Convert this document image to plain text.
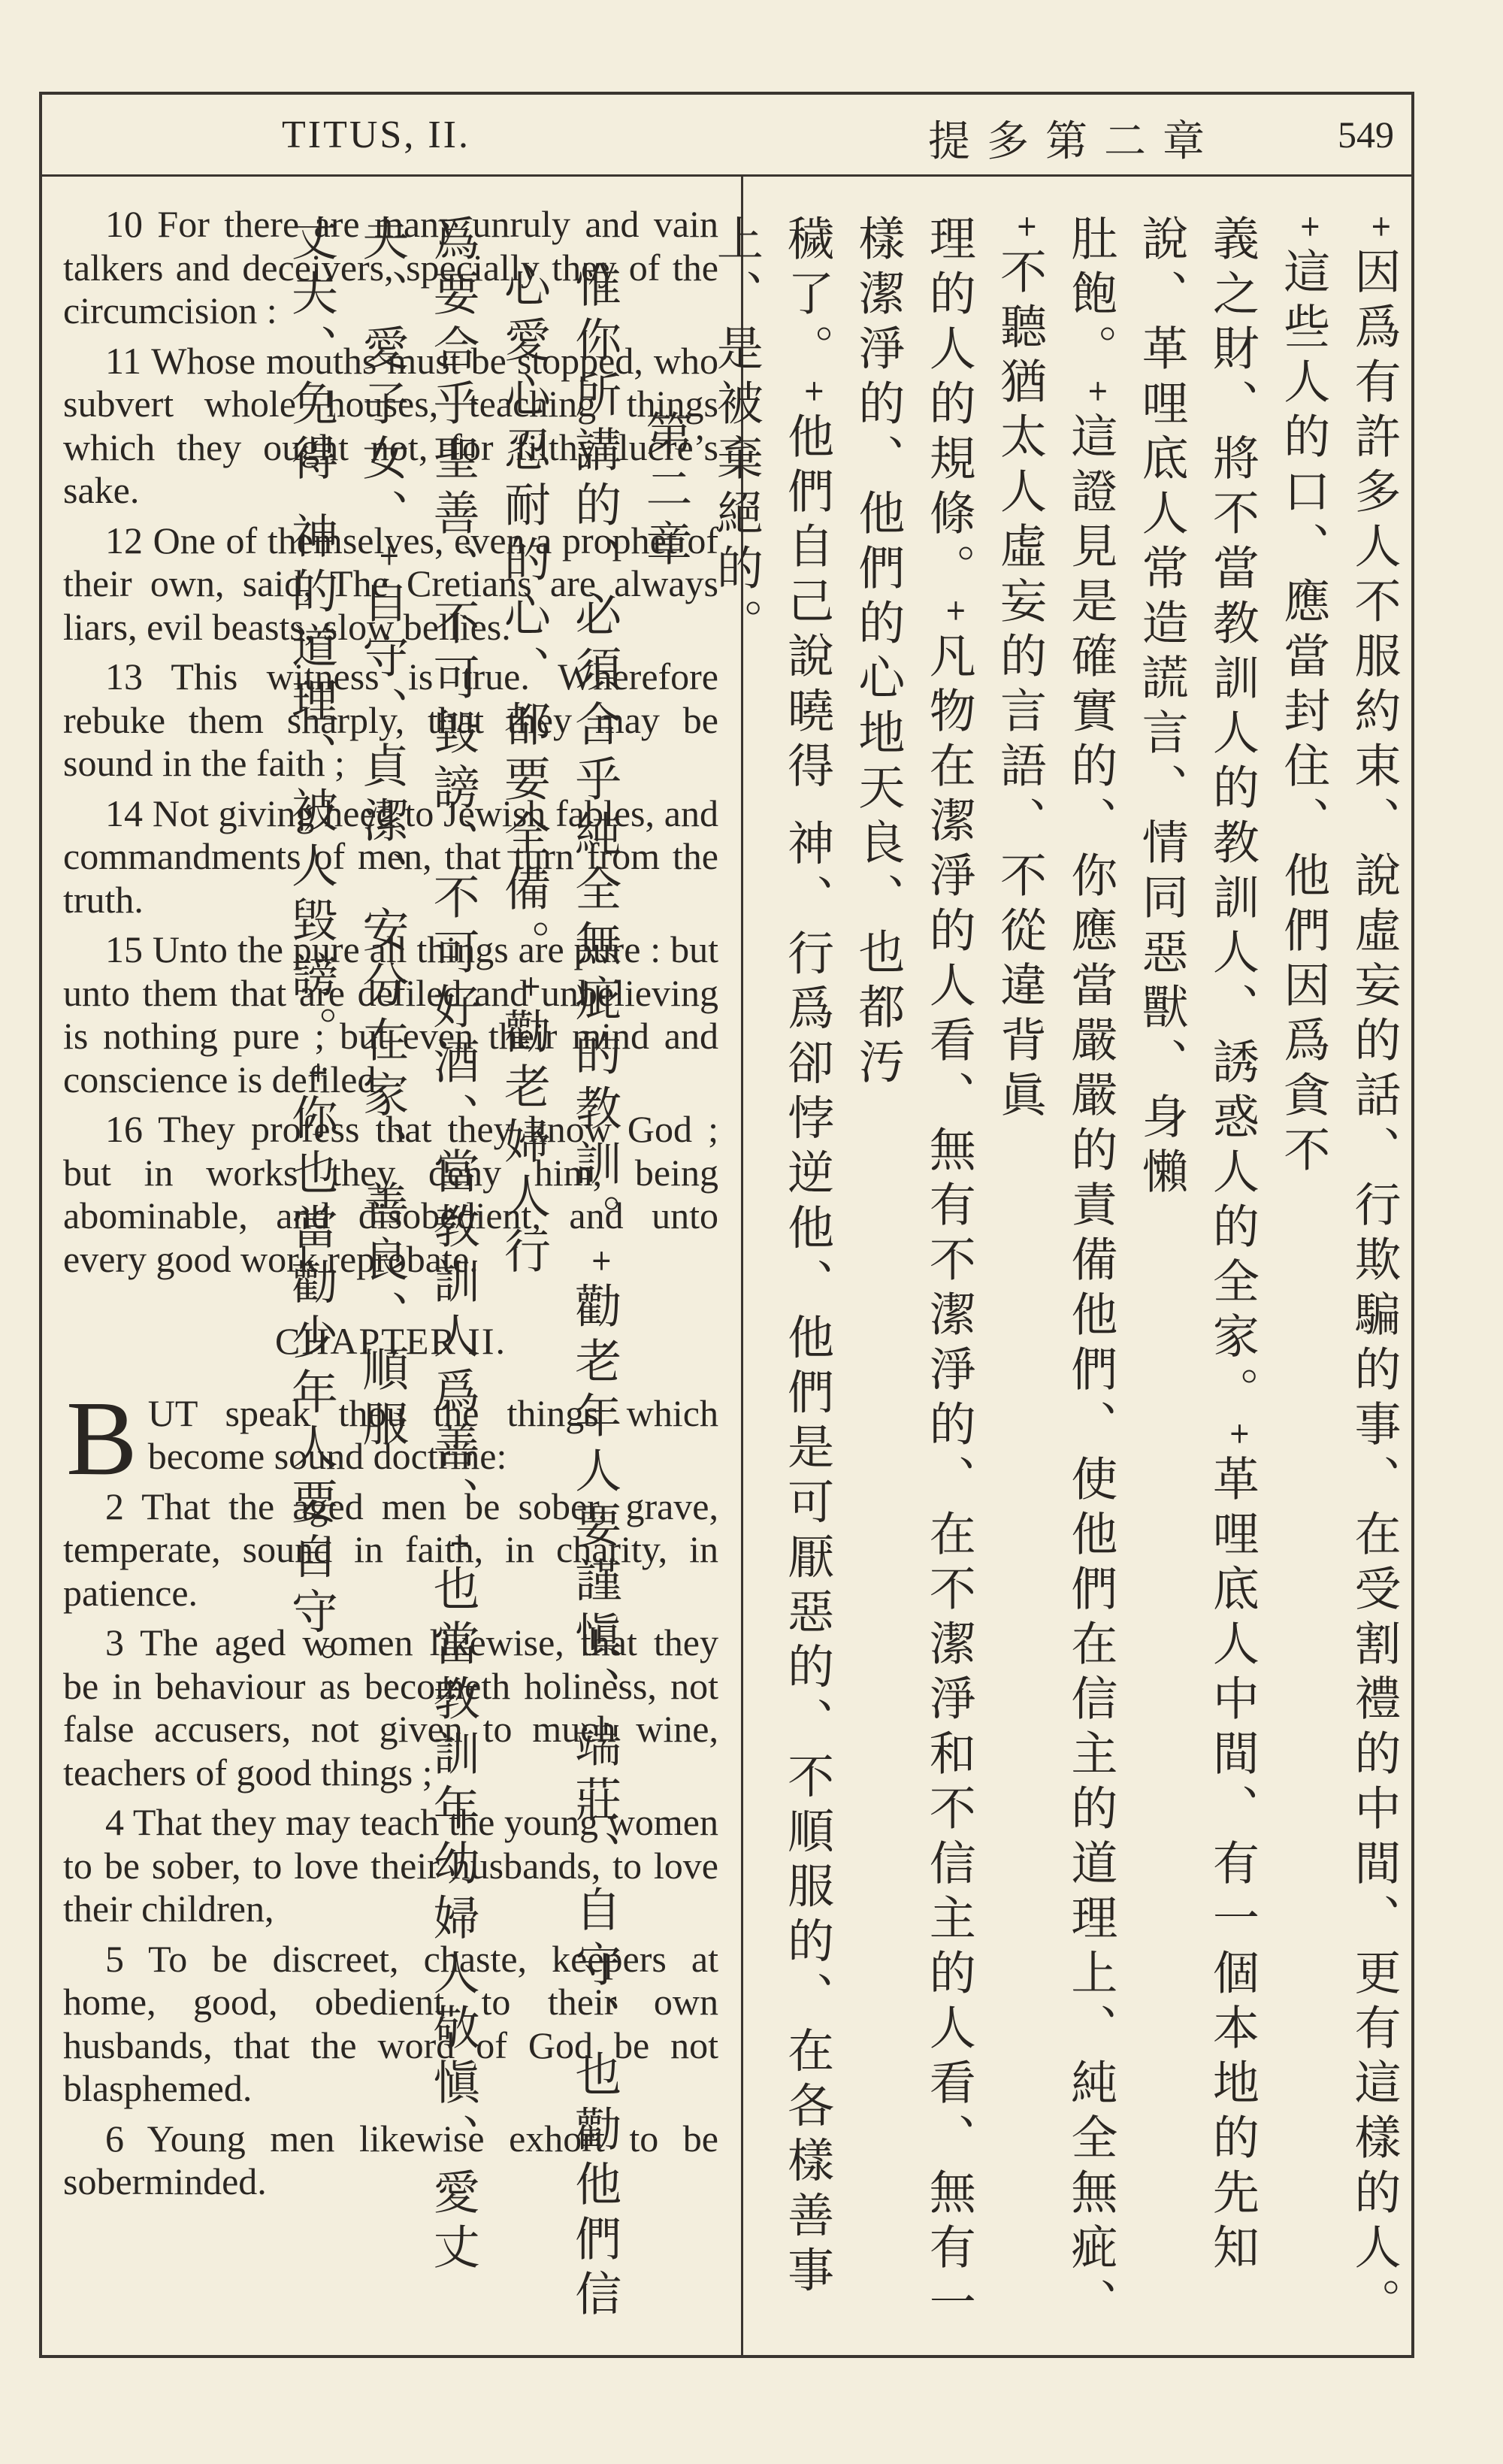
TITUS, II.	提多第二章	549

10 For there are many unruly and vain talkers and deceivers, specially they of the circumcision :

11 Whose mouths must be stopped, who subvert whole houses, teaching things which they ought not, for filthy lucre’s sake.

12 One of themselves, even a prophet of their own, said, The Cretians are always liars, evil beasts, slow bellies.

13 This witness is true. Wherefore rebuke them sharply, that they may be sound in the faith ;

14 Not giving heed to Jewish fables, and commandments of men, that turn from the truth.

15 Unto the pure all things are pure : but unto them that are defiled and unbelieving is nothing pure ; but even their mind and conscience is defiled.

16 They profess that they know God ; but in works they deny him, being abominable, and disobedient, and unto every good work reprobate.

CHAPTER II.

BUT speak thou the things which become sound doctrine:

2 That the aged men be sober, grave, temperate, sound in faith, in charity, in patience.

3 The aged women likewise, that they be in behaviour as becometh holiness, not false accusers, not given to much wine, teachers of good things ;

4 That they may teach the young women to be sober, to love their husbands, to love their children,

5 To be discreet, chaste, keepers at home, good, obedient to their own husbands, that the word of God be not blasphemed.

6 Young men likewise exhort to be soberminded.	⁺因爲有許多人不服約束、說虛妄的話、行欺騙的事、在受割禮的中間、更有這樣的人。⁺這些人的口、應當封住、他們因爲貪不
義之財、將不當教訓人的教訓人、誘惑人的全家。⁺革哩底人中間、有一個本地的先知說、革哩底人常造謊言、情同惡獸、身懶
肚飽。⁺這證見是確實的、你應當嚴嚴的責備他們、使他們在信主的道理上、純全無疵、⁺不聽猶太人虛妄的言語、不從違背眞
理的人的規條。⁺凡物在潔淨的人看、無有不潔淨的、在不潔淨和不信主的人看、無有一樣潔淨的、他們的心地天良、也都汚
穢了。⁺他們自己說曉得 神、行爲卻悖逆他、他們是可厭惡的、不順服的、在各樣善事上、是被棄絕的。
第二章
惟你所講的、必須合乎純全無疵的教訓。⁺勸老年人要謹愼、端莊、自守、也勸他們信心愛心忍耐的心、都要全備。⁺勸老婦人行
爲要合乎聖善、不可毀謗、不可好酒、當教訓人爲善、⁺也當教訓年幼婦人敬愼、愛丈夫、愛子女、⁺自守、貞潔、安分在家、善良、順服
丈夫、免得 神的道理、被人毀謗。⁺你也當勸少年人要自守。
